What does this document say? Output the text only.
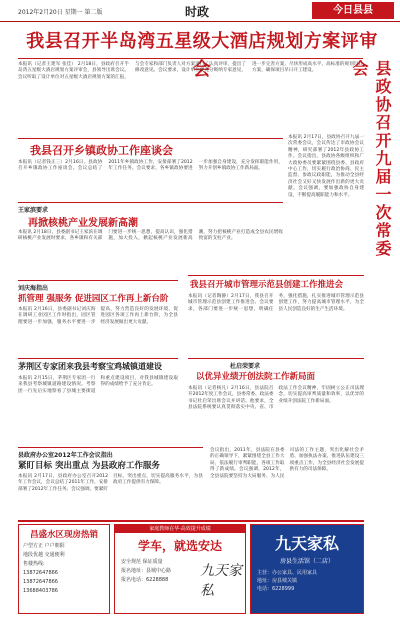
2012年2月20日 星期一 第二版	时政	今日县县
我县召开半岛湾五星级大酒店规划方案评审会
本报讯（记者王建军 张佳） 2月18日，县政府召开半岛湾五星级大酒店规划方案评审会，县领导出席会议。会议听取了设计单位对五星级大酒店规划方案的汇报，与会专家和部门负责人对方案进行了认真评审，提出了修改意见。会议要求，设计单位要充分吸纳专家意见，进一步完善方案，尽快形成高水平、高标准的规划设计方案，确保项目早日开工建设。	县政协召开九届一次常委会
本报讯 2月17日，县政协召开九届一次常委会议，会议传达了市政协会议精神，研究部署了2012年县政协工作。会议指出，县政协各级组织和广大政协委员要紧紧围绕县委、县政府中心工作，切实履行政治协商、民主监督、参政议政职能，为推动全县经济社会又好又快发展作出新的更大贡献。会议强调，要加强政协自身建设，不断提高履职能力和水平。
我县召开乡镇政协工作座谈会
本报讯（记者钱正三）2月16日，县政协召开乡镇政协工作座谈会。会议总结了2011年乡镇政协工作，安排部署了2012年工作任务。会议要求，各乡镇政协要进一步加强自身建设，充分发挥职能作用，努力开创乡镇政协工作新局面。
王家滨要求
再掀核桃产业发展新高潮
本报讯 2月18日，县委副书记王家滨在调研核桃产业发展时要求，各乡镇和有关部门要进一步统一思想，提高认识，强化措施，加大投入，掀起核桃产业发展新高潮，努力把核桃产业打造成全县农民增收致富的支柱产业。
刘庆海指出
抓管理 强服务 促进园区工作再上新台阶
本报讯 2月16日，县委副书记刘庆海在调研工业园区工作时指出，园区管理要进一步加强，服务水平要进一步提高，努力营造良好的发展环境，促进园区各项工作再上新台阶，为全县经济发展做出更大贡献。
我县召开城市管理示范县创建工作推进会
本报讯（记者陶静）2月17日，我县召开城市管理示范县创建工作推进会。会议要求，各部门要进一步统一思想，明确任务，强化措施，扎实推进城市管理示范县创建工作，努力提高城市管理水平，为全县人民创造良好的生产生活环境。
茅荆区专家团来我县考察宝鸡城镇道建设
本报讯 2月15日，茅荆区专家团一行来我县考察城镇道路建设情况。考察团一行先后实地察看了县城主要街道和重点建设项目，对我县城镇建设取得的成绩给予了充分肯定。
杜启荣要求
以优异业绩开创法院工作新局面
本报讯（记者杨凡）2月16日，县法院召开2012年度工作会议，县委常委、政法委书记杜启荣出席会议并讲话。他要求，全县法院系统要认真贯彻落实中央、省、市政法工作会议精神，牢固树立公正司法理念，切实提高审判质量和效率，以优异的业绩开创法院工作新局面。
县政府办公室2012年工作会议指出
紧盯目标 突出重点 为县政府工作服务
本报讯 2月17日，县政府办公室召开2012年工作会议，会议总结了2011年工作，安排部署了2012年工作任务。会议强调，要紧盯目标，突出重点，切实提高服务水平，为县政府工作提供有力保障。
会议指出，2011年，县法院在县委的正确领导下，紧紧围绕全县工作大局，依法履行审判职能，各项工作取得了新成绩。会议强调，2012年，全县法院要坚持为大局服务、为人民司法的工作主题，突出化解社会矛盾、加强执法办案、推进队伍建设三项重点工作，为全县经济社会发展提供有力的司法保障。
昌盛水区现房热销
户型方正 户户朝阳
地段优越 交通便利
售楼热线:
13872647866
13872647866
13688403786
家庭教师在华·高效提升成绩
学车，就选安达
安全规范 保证质量
报名地址：县城中心路
报名电话：6228888
九天家私
房县生活馆（二店）
主营：办公家具、民用家具
地址：房县城关镇
电话：6228999
九天家私
